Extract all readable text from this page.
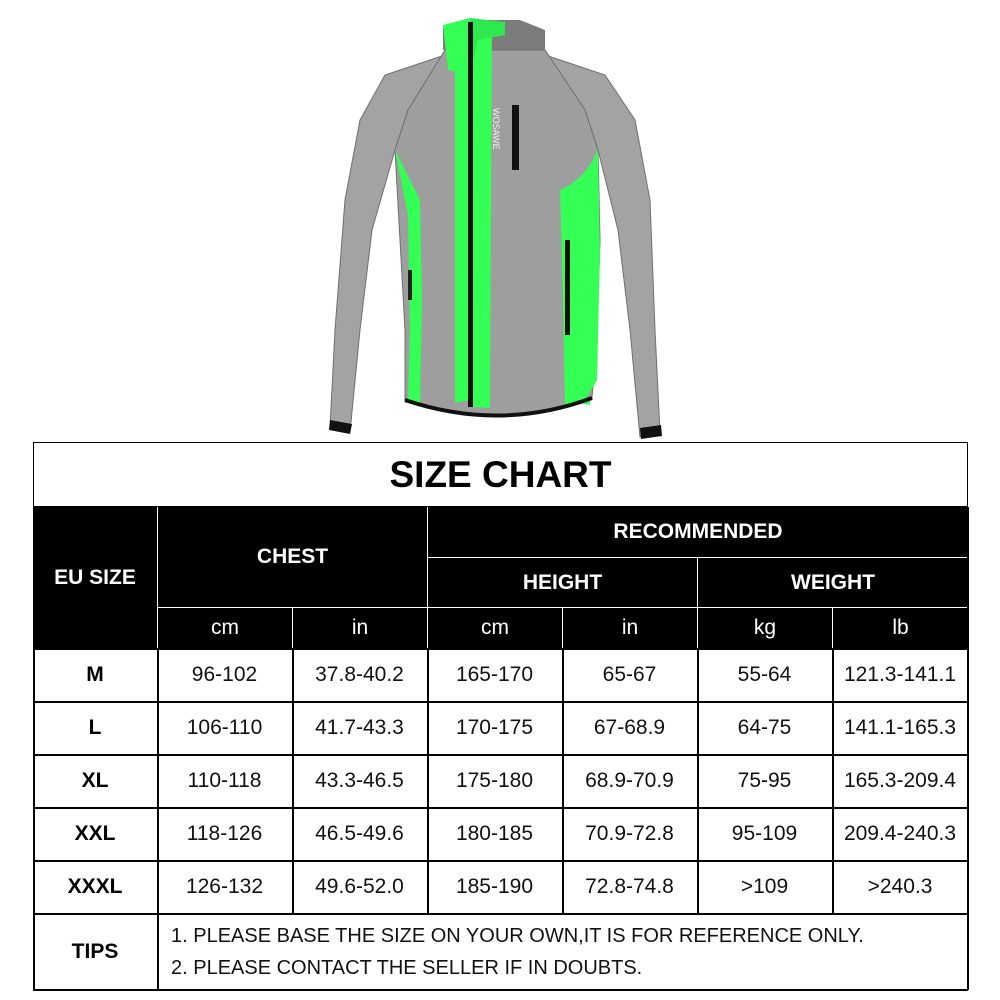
WOSAWE
SIZE CHART
EU SIZE
CHEST
RECOMMENDED
HEIGHT	WEIGHT
cm	in	cm	in	kg	lb
M	96-102	37.8-40.2	165-170	65-67	55-64	121.3-141.1
L	106-110	41.7-43.3	170-175	67-68.9	64-75	141.1-165.3
XL	110-118	43.3-46.5	175-180	68.9-70.9	75-95	165.3-209.4
XXL	118-126	46.5-49.6	180-185	70.9-72.8	95-109	209.4-240.3
XXXL	126-132	49.6-52.0	185-190	72.8-74.8	>109	>240.3
TIPS
1. PLEASE BASE THE SIZE ON YOUR OWN,IT IS FOR REFERENCE ONLY.
2. PLEASE CONTACT THE SELLER IF IN DOUBTS.
